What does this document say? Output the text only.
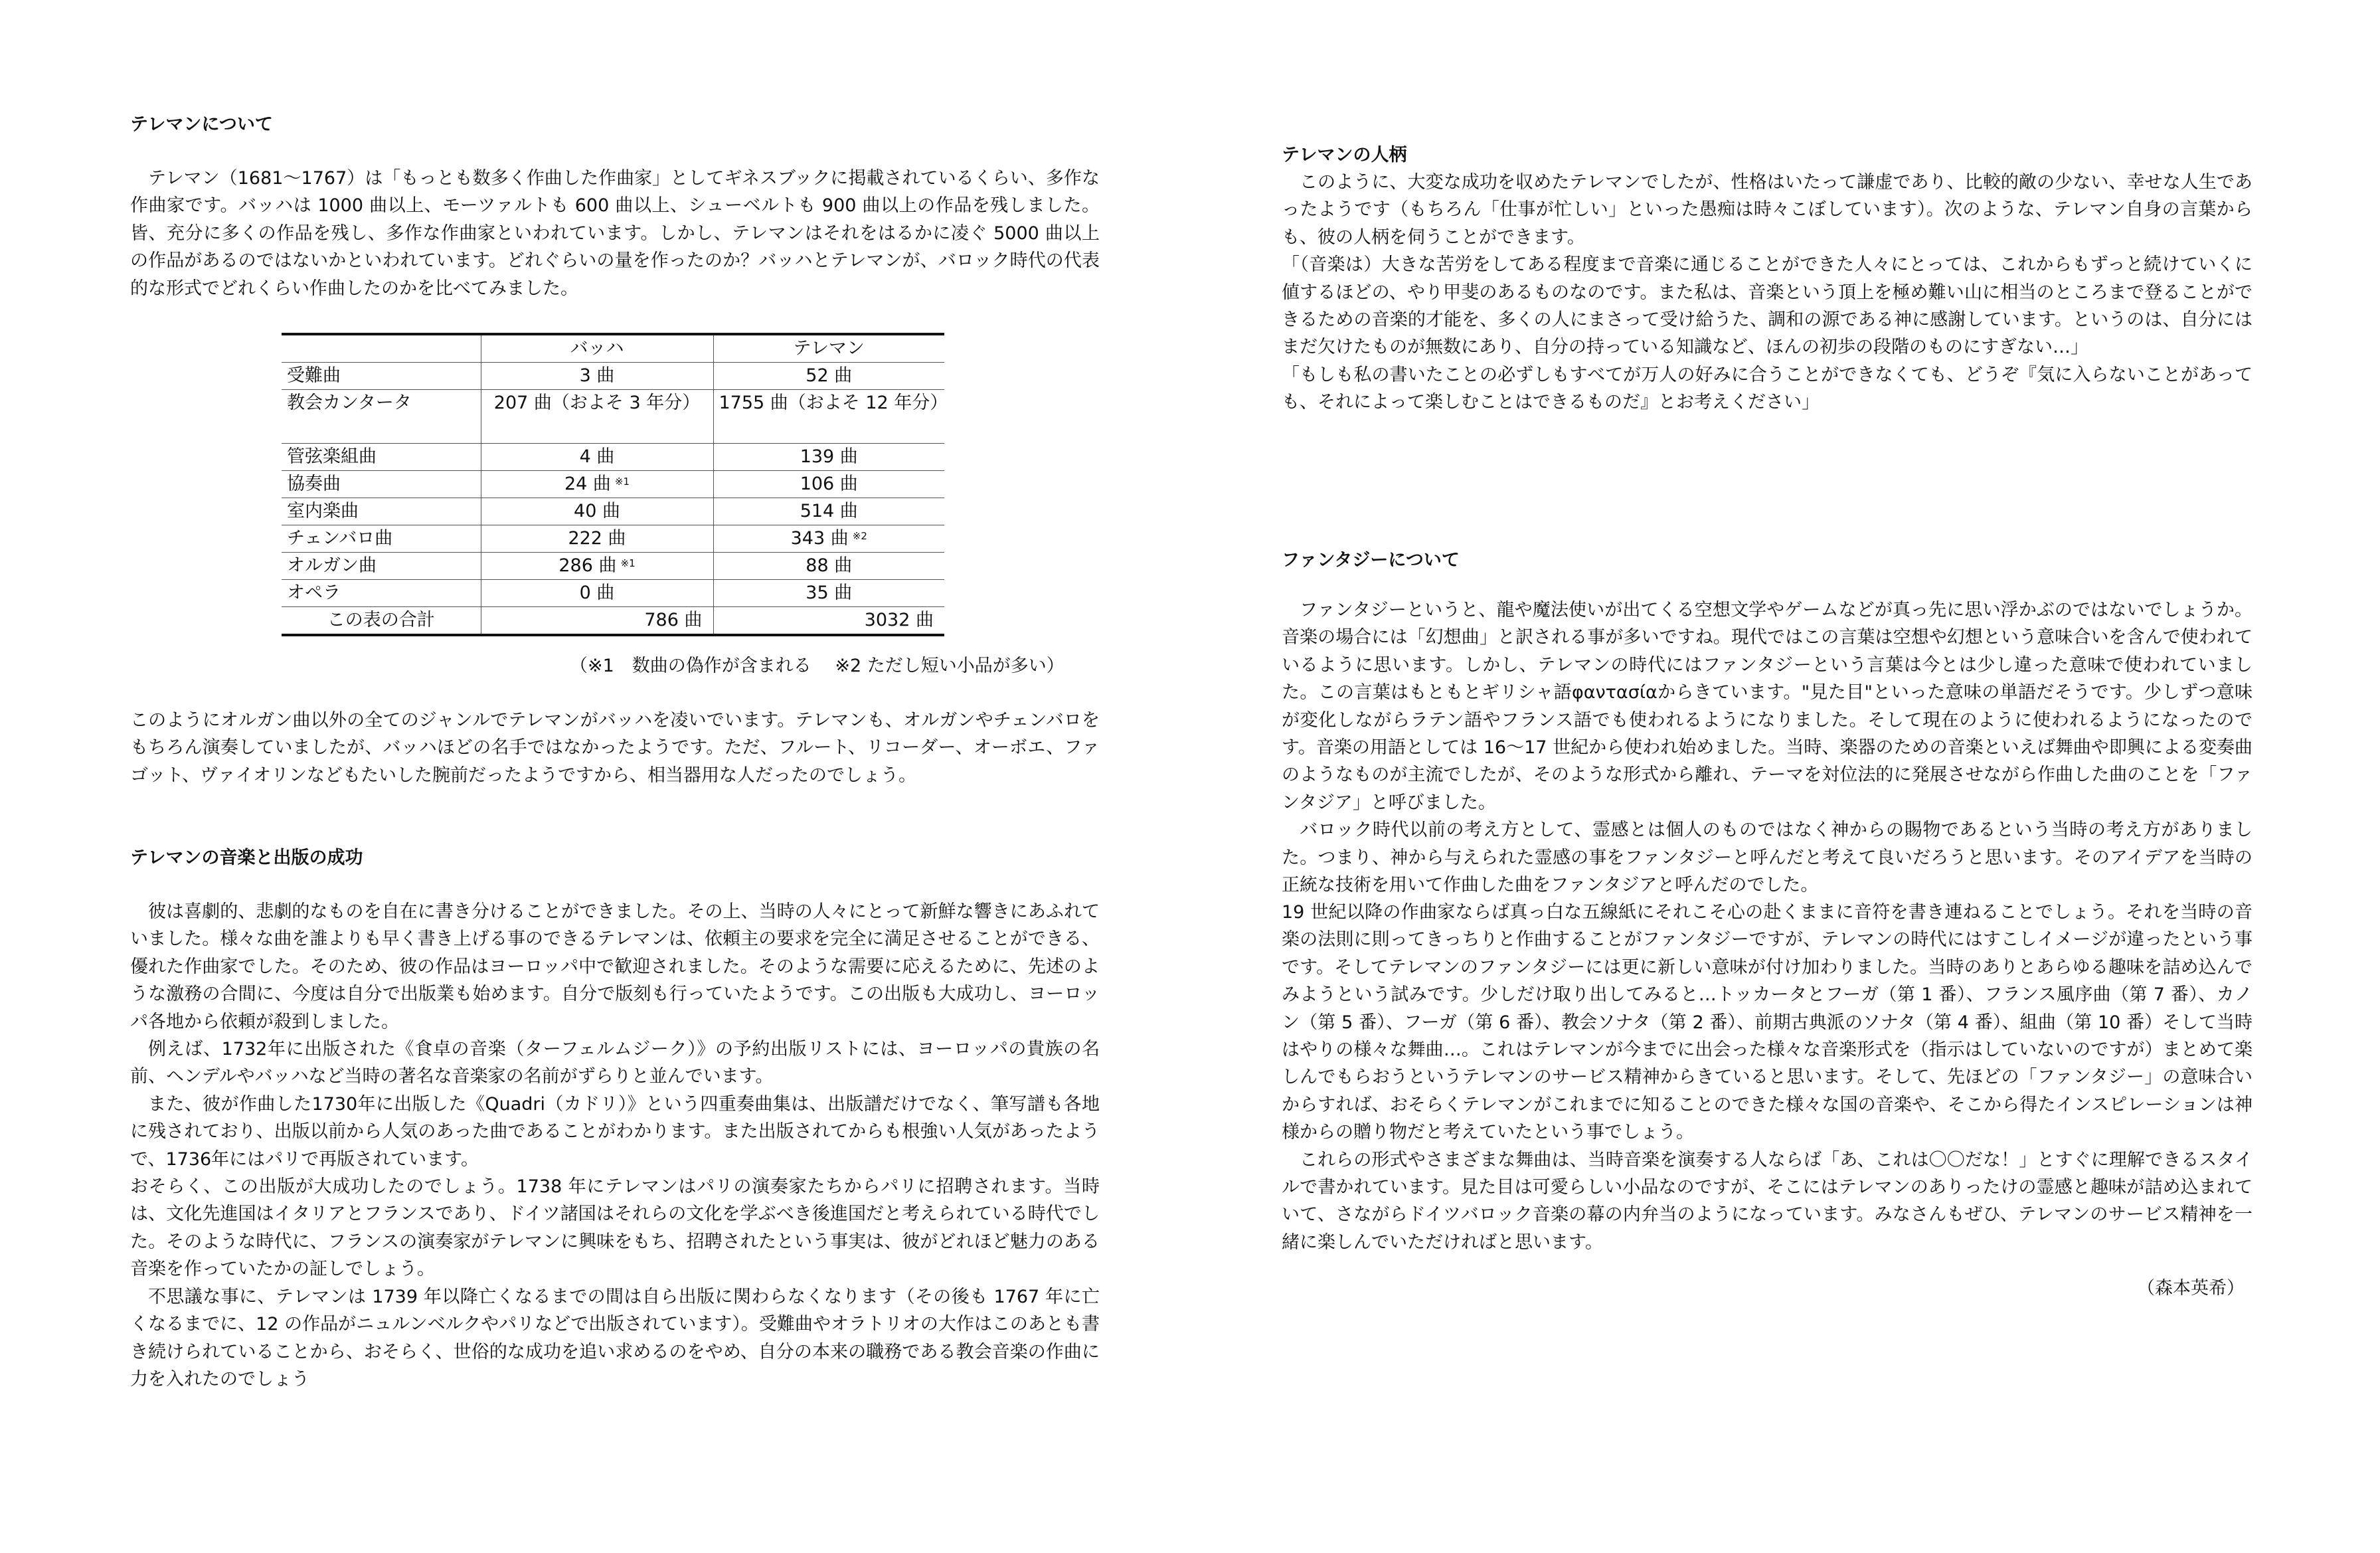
テレマンについて
テレマン（1681〜1767）は「もっとも数多く作曲した作曲家」としてギネスブックに掲載されているくらい、多作な作曲家です。バッハは 1000 曲以上、モーツァルトも 600 曲以上、シューベルトも 900 曲以上の作品を残しました。皆、充分に多くの作品を残し、多作な作曲家といわれています。しかし、テレマンはそれをはるかに凌ぐ 5000 曲以上の作品があるのではないかといわれています。どれぐらいの量を作ったのか？バッハとテレマンが、バロック時代の代表的な形式でどれくらい作曲したのかを比べてみました。
	バッハ	テレマン
受難曲	3 曲	52 曲
教会カンタータ	207 曲（およそ 3 年分）	1755 曲（およそ 12 年分）
管弦楽組曲	4 曲	139 曲
協奏曲	24 曲 $^{※1}$	106 曲
室内楽曲	40 曲	514 曲
チェンバロ曲	222 曲	343 曲 $^{※2}$
オルガン曲	286 曲 $^{※1}$	88 曲
オペラ	0 曲	35 曲
この表の合計	786 曲	3032 曲
（※1　数曲の偽作が含まれる　 ※2 ただし短い小品が多い）
このようにオルガン曲以外の全てのジャンルでテレマンがバッハを凌いでいます。テレマンも、オルガンやチェンバロをもちろん演奏していましたが、バッハほどの名手ではなかったようです。ただ、フルート、リコーダー、オーボエ、ファゴット、ヴァイオリンなどもたいした腕前だったようですから、相当器用な人だったのでしょう。
テレマンの音楽と出版の成功

彼は喜劇的、悲劇的なものを自在に書き分けることができました。その上、当時の人々にとって新鮮な響きにあふれていました。様々な曲を誰よりも早く書き上げる事のできるテレマンは、依頼主の要求を完全に満足させることができる、優れた作曲家でした。そのため、彼の作品はヨーロッパ中で歓迎されました。そのような需要に応えるために、先述のような激務の合間に、今度は自分で出版業も始めます。自分で版刻も行っていたようです。この出版も大成功し、ヨーロッパ各地から依頼が殺到しました。

例えば、1732年に出版された《食卓の音楽（ターフェルムジーク）》の予約出版リストには、ヨーロッパの貴族の名前、ヘンデルやバッハなど当時の著名な音楽家の名前がずらりと並んでいます。

また、彼が作曲した1730年に出版した《Quadri（カドリ）》という四重奏曲集は、出版譜だけでなく、筆写譜も各地に残されており、出版以前から人気のあった曲であることがわかります。また出版されてからも根強い人気があったようで、1736年にはパリで再版されています。

おそらく、この出版が大成功したのでしょう。1738 年にテレマンはパリの演奏家たちからパリに招聘されます。当時は、文化先進国はイタリアとフランスであり、ドイツ諸国はそれらの文化を学ぶべき後進国だと考えられている時代でした。そのような時代に、フランスの演奏家がテレマンに興味をもち、招聘されたという事実は、彼がどれほど魅力のある音楽を作っていたかの証しでしょう。

不思議な事に、テレマンは 1739 年以降亡くなるまでの間は自ら出版に関わらなくなります（その後も 1767 年に亡くなるまでに、12 の作品がニュルンベルクやパリなどで出版されています）。受難曲やオラトリオの大作はこのあとも書き続けられていることから、おそらく、世俗的な成功を追い求めるのをやめ、自分の本来の職務である教会音楽の作曲に力を入れたのでしょう

テレマンの人柄

このように、大変な成功を収めたテレマンでしたが、性格はいたって謙虚であり、比較的敵の少ない、幸せな人生であったようです（もちろん「仕事が忙しい」といった愚痴は時々こぼしています）。次のような、テレマン自身の言葉からも、彼の人柄を伺うことができます。

「（音楽は）大きな苦労をしてある程度まで音楽に通じることができた人々にとっては、これからもずっと続けていくに値するほどの、やり甲斐のあるものなのです。また私は、音楽という頂上を極め難い山に相当のところまで登ることができるための音楽的才能を、多くの人にまさって受け給うた、調和の源である神に感謝しています。というのは、自分にはまだ欠けたものが無数にあり、自分の持っている知識など、ほんの初歩の段階のものにすぎない…」

「もしも私の書いたことの必ずしもすべてが万人の好みに合うことができなくても、どうぞ『気に入らないことがあっても、それによって楽しむことはできるものだ』とお考えください」

ファンタジーについて

ファンタジーというと、龍や魔法使いが出てくる空想文学やゲームなどが真っ先に思い浮かぶのではないでしょうか。音楽の場合には「幻想曲」と訳される事が多いですね。現代ではこの言葉は空想や幻想という意味合いを含んで使われているように思います。しかし、テレマンの時代にはファンタジーという言葉は今とは少し違った意味で使われていました。この言葉はもともとギリシャ語φαντασίαからきています。"見た目"といった意味の単語だそうです。少しずつ意味が変化しながらラテン語やフランス語でも使われるようになりました。そして現在のように使われるようになったのです。音楽の用語としては 16〜17 世紀から使われ始めました。当時、楽器のための音楽といえば舞曲や即興による変奏曲のようなものが主流でしたが、そのような形式から離れ、テーマを対位法的に発展させながら作曲した曲のことを「ファンタジア」と呼びました。

バロック時代以前の考え方として、霊感とは個人のものではなく神からの賜物であるという当時の考え方がありました。つまり、神から与えられた霊感の事をファンタジーと呼んだと考えて良いだろうと思います。そのアイデアを当時の正統な技術を用いて作曲した曲をファンタジアと呼んだのでした。

19 世紀以降の作曲家ならば真っ白な五線紙にそれこそ心の赴くままに音符を書き連ねることでしょう。それを当時の音楽の法則に則ってきっちりと作曲することがファンタジーですが、テレマンの時代にはすこしイメージが違ったという事です。そしてテレマンのファンタジーには更に新しい意味が付け加わりました。当時のありとあらゆる趣味を詰め込んでみようという試みです。少しだけ取り出してみると…トッカータとフーガ（第 1 番）、フランス風序曲（第 7 番）、カノン（第 5 番）、フーガ（第 6 番）、教会ソナタ（第 2 番）、前期古典派のソナタ（第 4 番）、組曲（第 10 番）そして当時はやりの様々な舞曲…。これはテレマンが今までに出会った様々な音楽形式を（指示はしていないのですが）まとめて楽しんでもらおうというテレマンのサービス精神からきていると思います。そして、先ほどの「ファンタジー」の意味合いからすれば、おそらくテレマンがこれまでに知ることのできた様々な国の音楽や、そこから得たインスピレーションは神様からの贈り物だと考えていたという事でしょう。

これらの形式やさまざまな舞曲は、当時音楽を演奏する人ならば「あ、これは〇〇だな！」とすぐに理解できるスタイルで書かれています。見た目は可愛らしい小品なのですが、そこにはテレマンのありったけの霊感と趣味が詰め込まれていて、さながらドイツバロック音楽の幕の内弁当のようになっています。みなさんもぜひ、テレマンのサービス精神を一緒に楽しんでいただければと思います。

（森本英希）
